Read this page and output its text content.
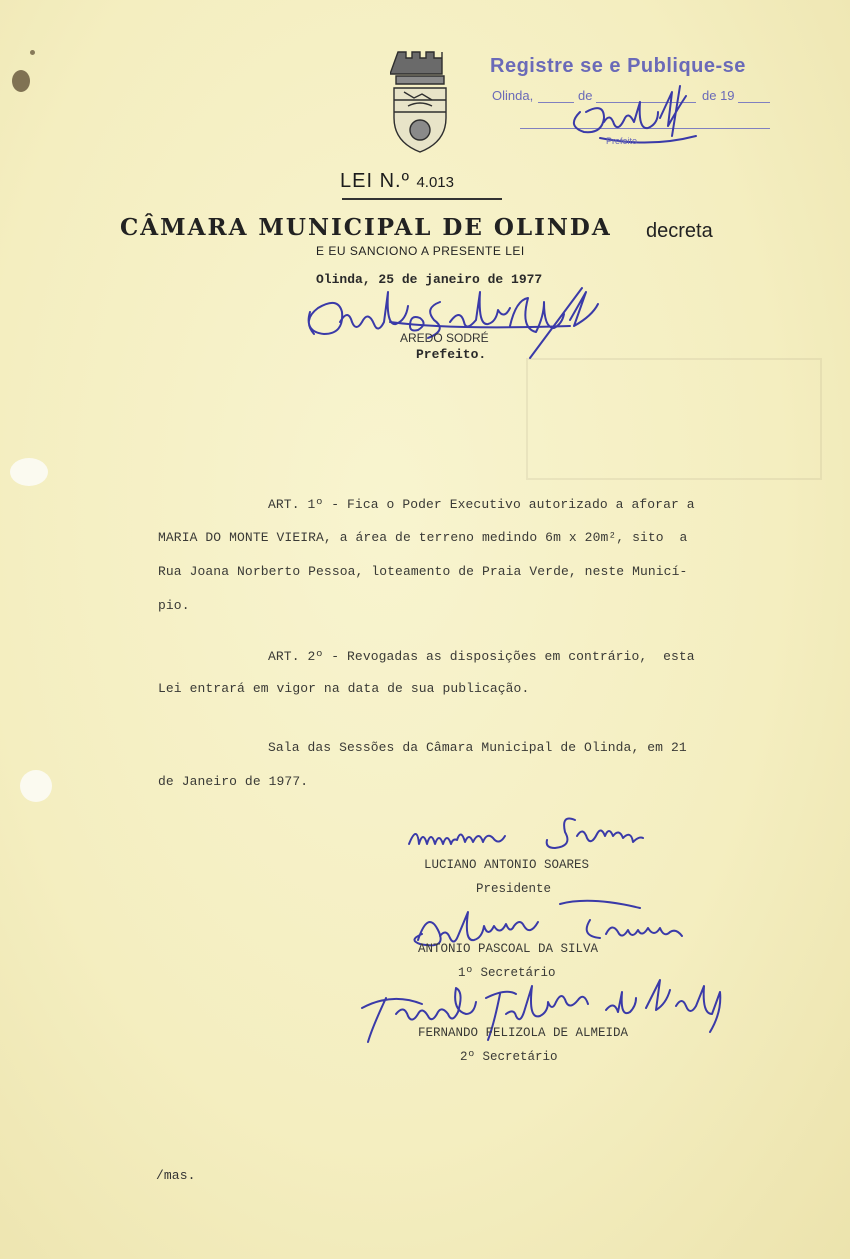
LEI N.º 4.013
CÂMARA MUNICIPAL DE OLINDA decreta
E EU SANCIONO A PRESENTE LEI
Olinda, 25 de janeiro de 1977
AREDO SODRÉ
Prefeito.
Registre se e Publique-se
Olinda,	de	de 19
Prefeito
ART. 1º - Fica o Poder Executivo autorizado a aforar a
MARIA DO MONTE VIEIRA, a área de terreno medindo 6m x 20m², sito  a
Rua Joana Norberto Pessoa, loteamento de Praia Verde, neste Municí-
pio.
ART. 2º - Revogadas as disposições em contrário,  esta
Lei entrará em vigor na data de sua publicação.
Sala das Sessões da Câmara Municipal de Olinda, em 21
de Janeiro de 1977.
LUCIANO ANTONIO SOARES
Presidente
ANTONIO PASCOAL DA SILVA
1º Secretário
FERNANDO FELIZOLA DE ALMEIDA
2º Secretário
/mas.
